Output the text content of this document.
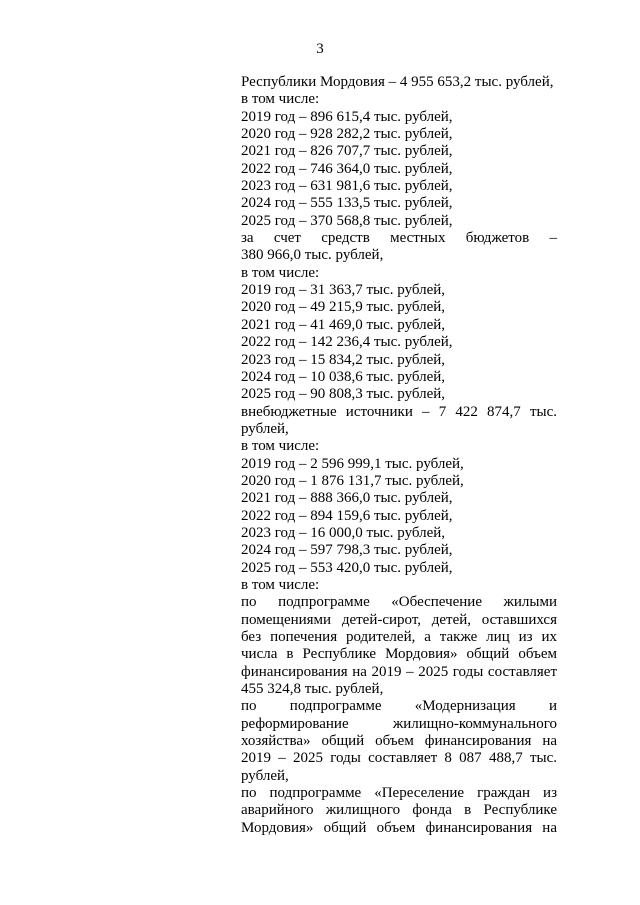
3
Республики Мордовия – 4 955 653,2 тыс. рублей,
в том числе:
2019 год – 896 615,4 тыс. рублей,
2020 год – 928 282,2 тыс. рублей,
2021 год – 826 707,7 тыс. рублей,
2022 год – 746 364,0 тыс. рублей,
2023 год – 631 981,6 тыс. рублей,
2024 год – 555 133,5 тыс. рублей,
2025 год – 370 568,8 тыс. рублей,
за счет средств местных бюджетов –
380 966,0 тыс. рублей,
в том числе:
2019 год – 31 363,7 тыс. рублей,
2020 год – 49 215,9 тыс. рублей,
2021 год – 41 469,0 тыс. рублей,
2022 год – 142 236,4 тыс. рублей,
2023 год – 15 834,2 тыс. рублей,
2024 год – 10 038,6 тыс. рублей,
2025 год – 90 808,3 тыс. рублей,
внебюджетные источники – 7 422 874,7 тыс.
рублей,
в том числе:
2019 год – 2 596 999,1 тыс. рублей,
2020 год – 1 876 131,7 тыс. рублей,
2021 год – 888 366,0 тыс. рублей,
2022 год – 894 159,6 тыс. рублей,
2023 год – 16 000,0 тыс. рублей,
2024 год – 597 798,3 тыс. рублей,
2025 год – 553 420,0 тыс. рублей,
в том числе:
по подпрограмме «Обеспечение жилыми
помещениями детей-сирот, детей, оставшихся
без попечения родителей, а также лиц из их
числа в Республике Мордовия» общий объем
финансирования на 2019 – 2025 годы составляет
455 324,8 тыс. рублей,
по подпрограмме «Модернизация и
реформирование жилищно-коммунального
хозяйства» общий объем финансирования на
2019 – 2025 годы составляет 8 087 488,7 тыс.
рублей,
по подпрограмме «Переселение граждан из
аварийного жилищного фонда в Республике
Мордовия» общий объем финансирования на
